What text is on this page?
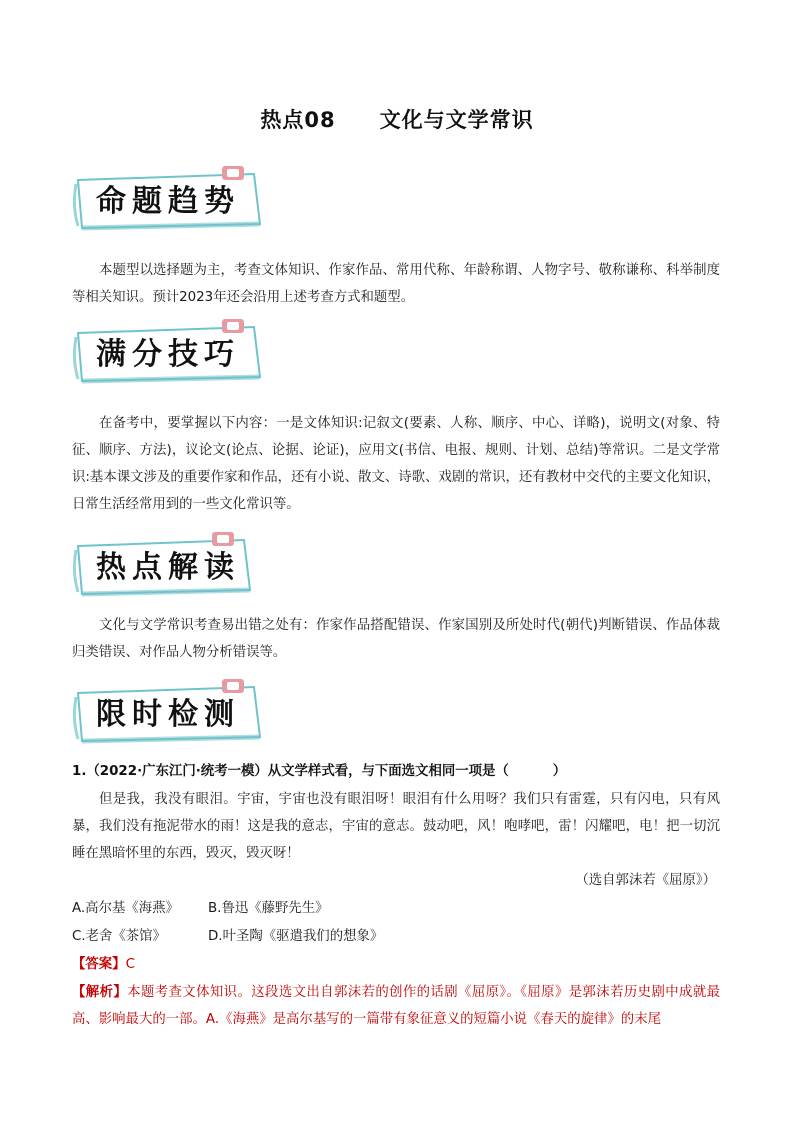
热点08 文化与文学常识
命题趋势
本题型以选择题为主，考查文体知识、作家作品、常用代称、年龄称谓、人物字号、敬称谦称、科举制度等相关知识。预计2023年还会沿用上述考查方式和题型。
满分技巧
在备考中，要掌握以下内容：一是文体知识:记叙文(要素、人称、顺序、中心、详略)，说明文(对象、特征、顺序、方法)，议论文(论点、论据、论证)，应用文(书信、电报、规则、计划、总结)等常识。二是文学常识:基本课文涉及的重要作家和作品，还有小说、散文、诗歌、戏剧的常识，还有教材中交代的主要文化知识，日常生活经常用到的一些文化常识等。
热点解读
文化与文学常识考查易出错之处有：作家作品搭配错误、作家国别及所处时代(朝代)判断错误、作品体裁归类错误、对作品人物分析错误等。
限时检测
1.（2022·广东江门·统考一模）从文学样式看，与下面选文相同一项是（	）
但是我，我没有眼泪。宇宙，宇宙也没有眼泪呀！眼泪有什么用呀？我们只有雷霆，只有闪电，只有风暴，我们没有拖泥带水的雨！这是我的意志，宇宙的意志。鼓动吧，风！咆哮吧，雷！闪耀吧，电！把一切沉睡在黑暗怀里的东西，毁灭，毁灭呀！
（选自郭沫若《屈原》）
A.高尔基《海燕》 B.鲁迅《藤野先生》
C.老舍《茶馆》	D.叶圣陶《驱遣我们的想象》
【答案】C
【解析】本题考查文体知识。这段选文出自郭沫若的创作的话剧《屈原》。《屈原》是郭沫若历史剧中成就最高、影响最大的一部。A.《海燕》是高尔基写的一篇带有象征意义的短篇小说《春天的旋律》的末尾
